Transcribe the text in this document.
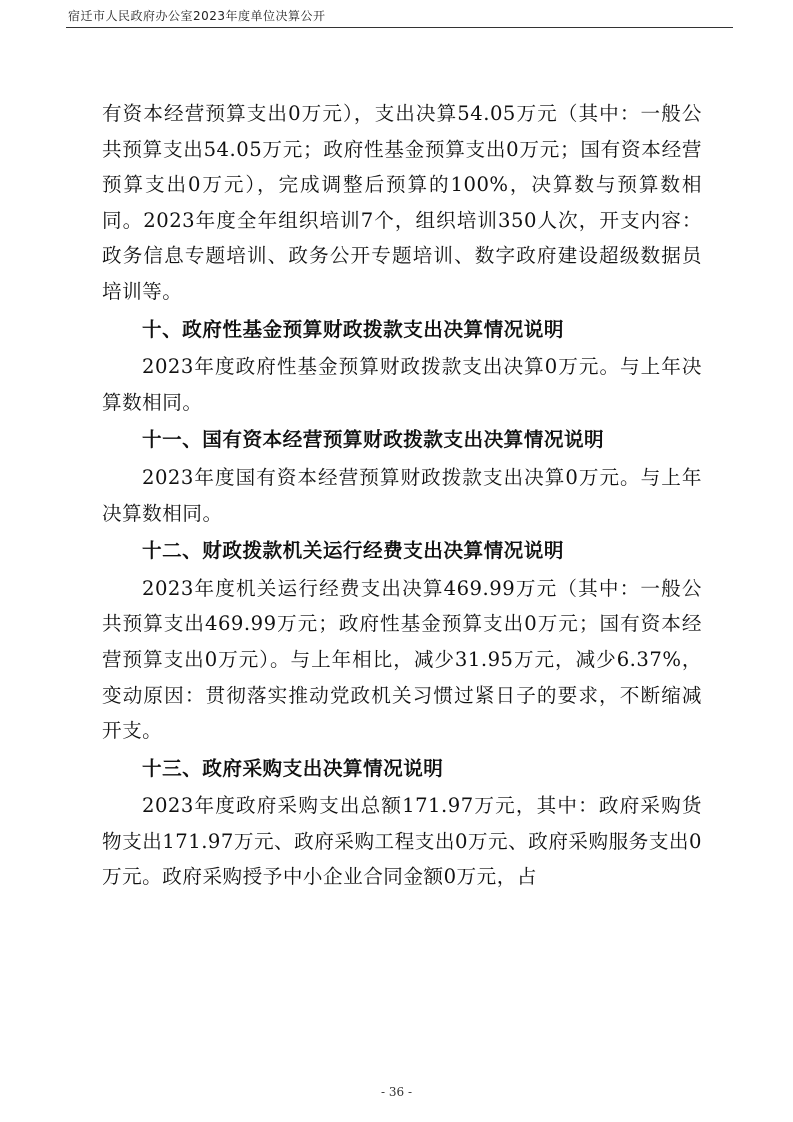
宿迁市人民政府办公室2023年度单位决算公开

有资本经营预算支出0万元），支出决算54.05万元（其中：一般公共预算支出54.05万元；政府性基金预算支出0万元；国有资本经营预算支出0万元），完成调整后预算的100%，决算数与预算数相同。2023年度全年组织培训7个，组织培训350人次，开支内容：政务信息专题培训、政务公开专题培训、数字政府建设超级数据员培训等。

十、政府性基金预算财政拨款支出决算情况说明

2023年度政府性基金预算财政拨款支出决算0万元。与上年决算数相同。

十一、国有资本经营预算财政拨款支出决算情况说明

2023年度国有资本经营预算财政拨款支出决算0万元。与上年决算数相同。

十二、财政拨款机关运行经费支出决算情况说明

2023年度机关运行经费支出决算469.99万元（其中：一般公共预算支出469.99万元；政府性基金预算支出0万元；国有资本经营预算支出0万元）。与上年相比，减少31.95万元，减少6.37%，变动原因：贯彻落实推动党政机关习惯过紧日子的要求，不断缩减开支。

十三、政府采购支出决算情况说明

2023年度政府采购支出总额171.97万元，其中：政府采购货物支出171.97万元、政府采购工程支出0万元、政府采购服务支出0万元。政府采购授予中小企业合同金额0万元，占

- 36 -
